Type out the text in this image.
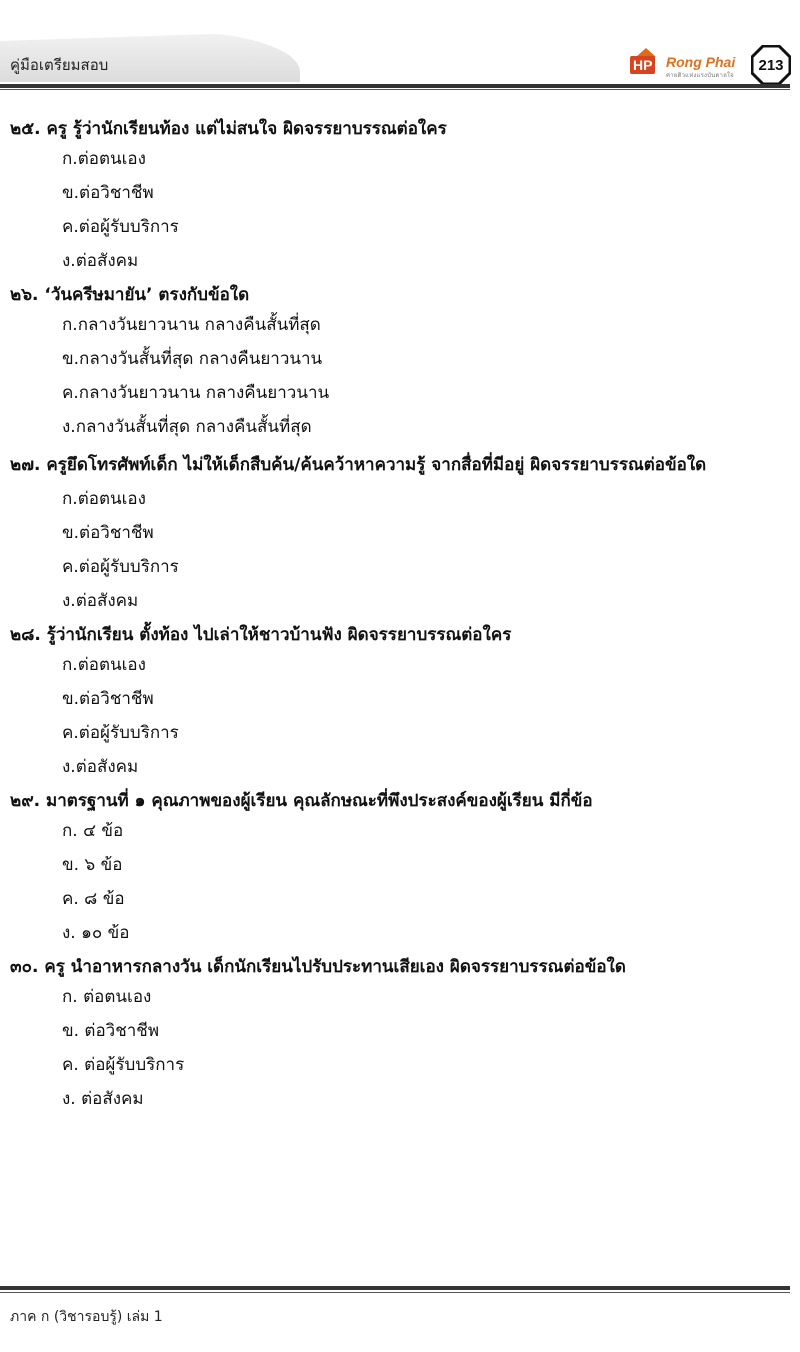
คู่มือเตรียมสอบ	HP Rong Phai
ค่ายติวแห่งแรงบันดาลใจ
213
๒๕. ครู รู้ว่านักเรียนท้อง แต่ไม่สนใจ ผิดจรรยาบรรณต่อใคร
ก.ต่อตนเอง
ข.ต่อวิชาชีพ
ค.ต่อผู้รับบริการ
ง.ต่อสังคม
๒๖. ‘วันครีษมายัน’ ตรงกับข้อใด
ก.กลางวันยาวนาน กลางคืนสั้นที่สุด
ข.กลางวันสั้นที่สุด กลางคืนยาวนาน
ค.กลางวันยาวนาน กลางคืนยาวนาน
ง.กลางวันสั้นที่สุด กลางคืนสั้นที่สุด
๒๗. ครูยึดโทรศัพท์เด็ก ไม่ให้เด็กสืบค้น/ค้นคว้าหาความรู้ จากสื่อที่มีอยู่ ผิดจรรยาบรรณต่อข้อใด
ก.ต่อตนเอง
ข.ต่อวิชาชีพ
ค.ต่อผู้รับบริการ
ง.ต่อสังคม
๒๘. รู้ว่านักเรียน ตั้งท้อง ไปเล่าให้ชาวบ้านฟัง ผิดจรรยาบรรณต่อใคร
ก.ต่อตนเอง
ข.ต่อวิชาชีพ
ค.ต่อผู้รับบริการ
ง.ต่อสังคม
๒๙. มาตรฐานที่ ๑ คุณภาพของผู้เรียน คุณลักษณะที่พึงประสงค์ของผู้เรียน มีกี่ข้อ
ก. ๔ ข้อ
ข. ๖ ข้อ
ค. ๘ ข้อ
ง. ๑๐ ข้อ
๓๐. ครู นำอาหารกลางวัน เด็กนักเรียนไปรับประทานเสียเอง ผิดจรรยาบรรณต่อข้อใด
ก. ต่อตนเอง
ข. ต่อวิชาชีพ
ค. ต่อผู้รับบริการ
ง. ต่อสังคม
ภาค ก (วิชารอบรู้) เล่ม 1
